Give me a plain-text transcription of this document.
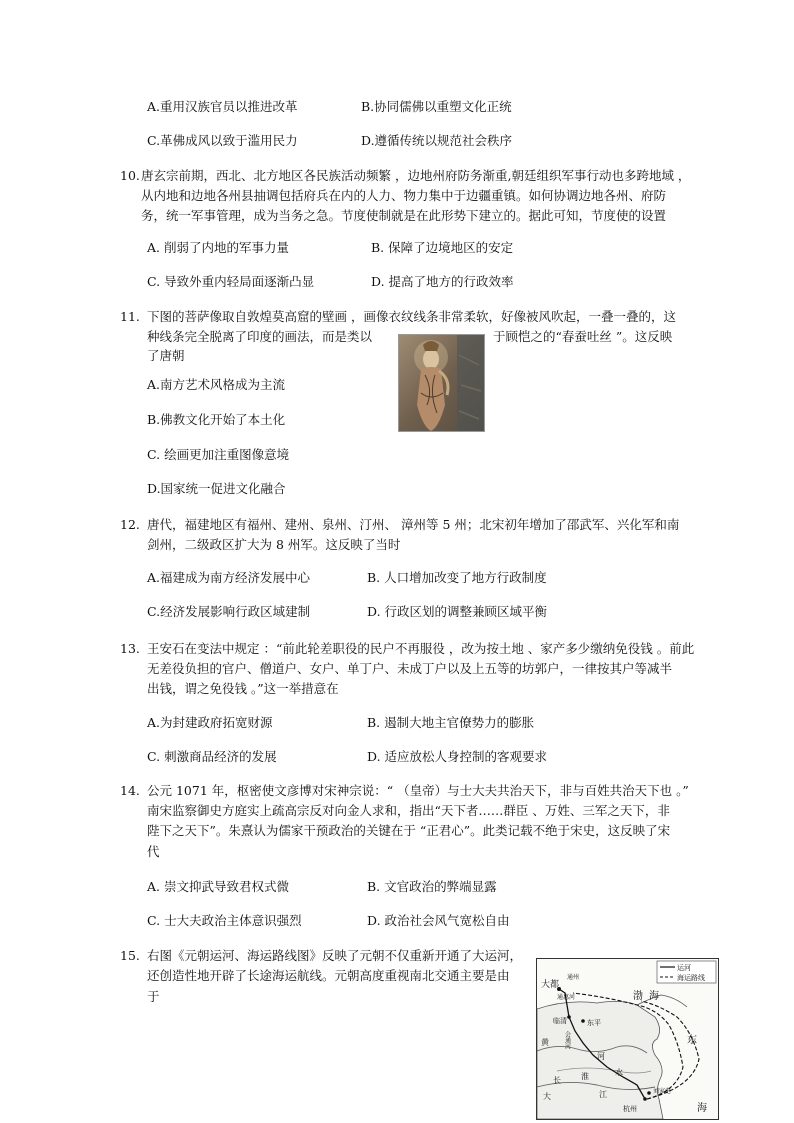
A.重用汉族官员以推进改革	B.协同儒佛以重塑文化正统
C.革佛成风以致于滥用民力	D.遵循传统以规范社会秩序
10. 唐玄宗前期，西北、北方地区各民族活动频繁 ，边地州府防务渐重,朝廷组织军事行动也多跨地域 ，
从内地和边地各州县抽调包括府兵在内的人力、物力集中于边疆重镇。如何协调边地各州、府防
务，统一军事管理，成为当务之急。节度使制就是在此形势下建立的。据此可知，节度使的设置
A. 削弱了内地的军事力量	B. 保障了边境地区的安定
C. 导致外重内轻局面逐渐凸显	D. 提高了地方的行政效率
11. 下图的菩萨像取自敦煌莫高窟的壁画 ，画像衣纹线条非常柔软，好像被风吹起，一叠一叠的，这
种线条完全脱离了印度的画法，而是类以	于顾恺之的“春蚕吐丝 ”。这反映
了唐朝
A.南方艺术风格成为主流
B.佛教文化开始了本土化
C. 绘画更加注重图像意境
D.国家统一促进文化融合
12. 唐代，福建地区有福州、建州、泉州、汀州、 漳州等 5 州；北宋初年增加了邵武军、兴化军和南
剑州，二级政区扩大为 8 州军。这反映了当时
A.福建成为南方经济发展中心	B. 人口增加改变了地方行政制度
C.经济发展影响行政区域建制	D. 行政区划的调整兼顾区域平衡
13. 王安石在变法中规定 ：“前此轮差职役的民户不再服役 ，改为按土地 、家产多少缴纳免役钱 。前此
无差役负担的官户、僧道户、女户、单丁户、未成丁户以及上五等的坊郭户，一律按其户等减半
出钱，谓之免役钱 。”这一举措意在
A.为封建政府拓宽财源	B. 遏制大地主官僚势力的膨胀
C. 刺激商品经济的发展	D. 适应放松人身控制的客观要求
14. 公元 1071 年，枢密使文彦博对宋神宗说：“ （皇帝）与士大夫共治天下，非与百姓共治天下也 。”
南宋监察御史方庭实上疏高宗反对向金人求和，指出“天下者……群臣 、万姓、三军之天下，非
陛下之天下”。朱熹认为儒家干预政治的关键在于 “正君心”。此类记载不绝于宋史，这反映了宋
代
A. 崇文抑武导致君权式微	B. 文官政治的弊端显露
C. 士大夫政治主体意识强烈	D. 政治社会风气宽松自由
15. 右图《元朝运河、海运路线图》反映了元朝不仅重新开通了大运河，
还创造性地开辟了长途海运航线。元朝高度重视南北交通主要是由
于
运河
海运路线
大都
通州
通惠河	渤 海
临清
会通河
东平
黄
河
东
淮	水
长
大	江
杭州
刘家港
海
